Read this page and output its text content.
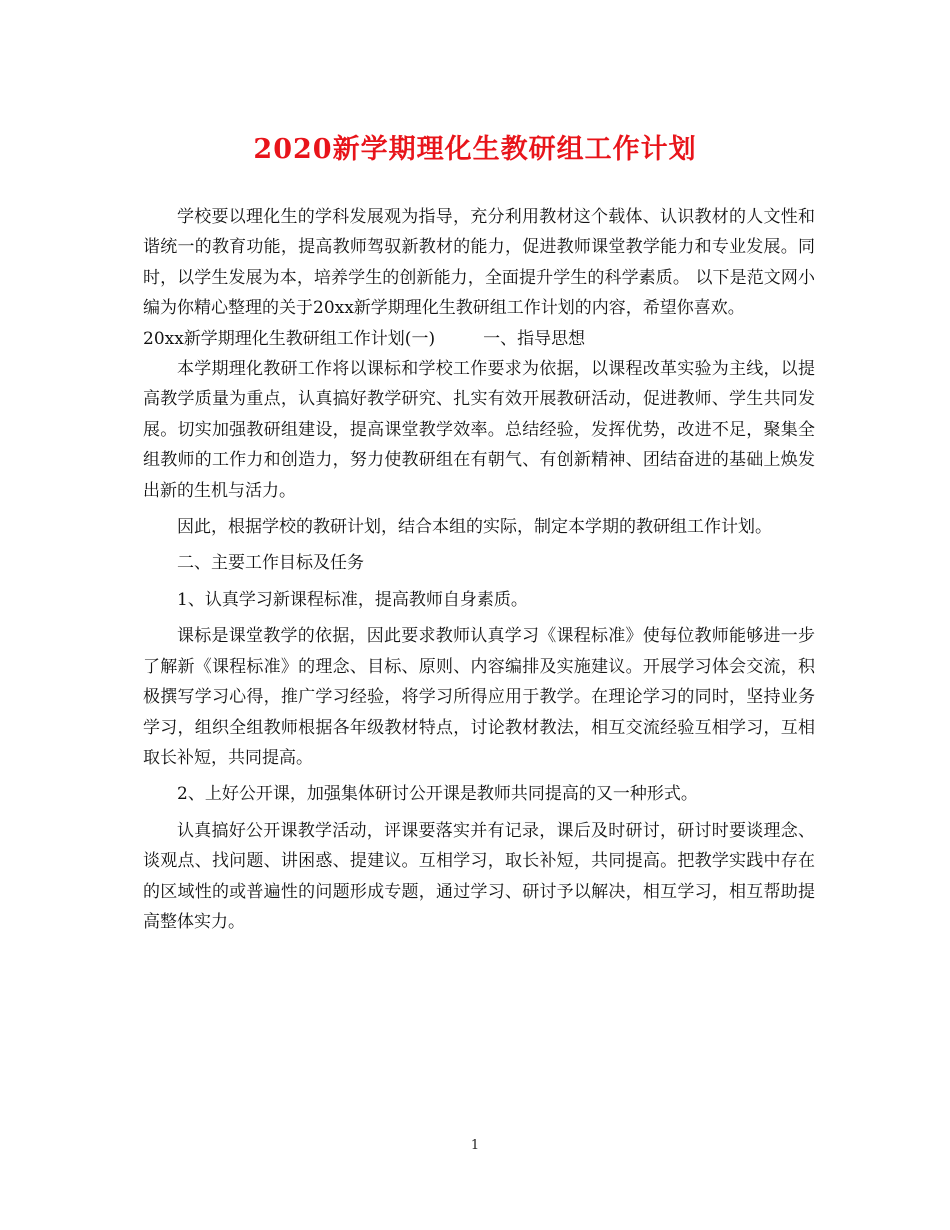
2020新学期理化生教研组工作计划

学校要以理化生的学科发展观为指导，充分利用教材这个载体、认识教材的人文性和谐统一的教育功能，提高教师驾驭新教材的能力，促进教师课堂教学能力和专业发展。同时，以学生发展为本，培养学生的创新能力，全面提升学生的科学素质。 以下是范文网小编为你精心整理的关于20xx新学期理化生教研组工作计划的内容，希望你喜欢。

20xx新学期理化生教研组工作计划(一)	一、指导思想

本学期理化教研工作将以课标和学校工作要求为依据，以课程改革实验为主线，以提高教学质量为重点，认真搞好教学研究、扎实有效开展教研活动，促进教师、学生共同发展。切实加强教研组建设，提高课堂教学效率。总结经验，发挥优势，改进不足，聚集全组教师的工作力和创造力，努力使教研组在有朝气、有创新精神、团结奋进的基础上焕发出新的生机与活力。

因此，根据学校的教研计划，结合本组的实际，制定本学期的教研组工作计划。

二、主要工作目标及任务

1、认真学习新课程标准，提高教师自身素质。

课标是课堂教学的依据，因此要求教师认真学习《课程标准》使每位教师能够进一步了解新《课程标准》的理念、目标、原则、内容编排及实施建议。开展学习体会交流，积极撰写学习心得，推广学习经验，将学习所得应用于教学。在理论学习的同时，坚持业务学习，组织全组教师根据各年级教材特点，讨论教材教法，相互交流经验互相学习，互相取长补短，共同提高。

2、上好公开课，加强集体研讨公开课是教师共同提高的又一种形式。

认真搞好公开课教学活动，评课要落实并有记录，课后及时研讨，研讨时要谈理念、谈观点、找问题、讲困惑、提建议。互相学习，取长补短，共同提高。把教学实践中存在的区域性的或普遍性的问题形成专题，通过学习、研讨予以解决，相互学习，相互帮助提高整体实力。

1
